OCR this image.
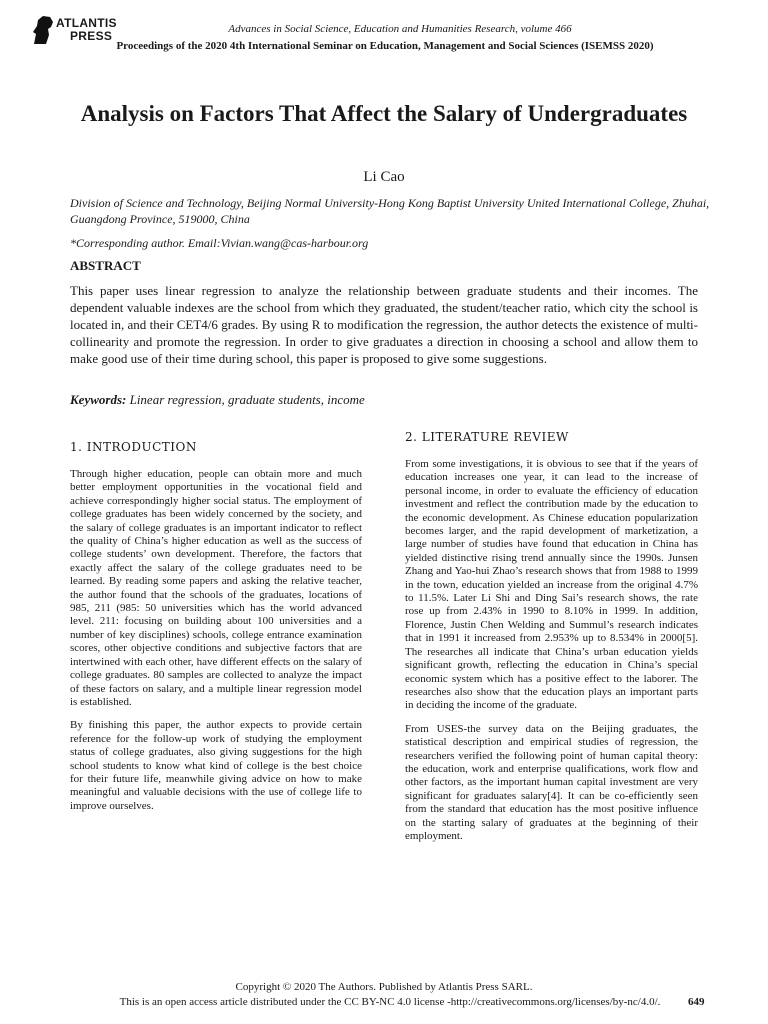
ATLANTIS
PRESS	Advances in Social Science, Education and Humanities Research, volume 466
Proceedings of the 2020 4th International Seminar on Education, Management and Social Sciences (ISEMSS 2020)
Analysis on Factors That Affect the Salary of Undergraduates
Li Cao
Division of Science and Technology, Beijing Normal University-Hong Kong Baptist University United International College, Zhuhai, Guangdong Province, 519000, China
*Corresponding author. Email:Vivian.wang@cas-harbour.org
ABSTRACT

This paper uses linear regression to analyze the relationship between graduate students and their incomes. The dependent valuable indexes are the school from which they graduated, the student/teacher ratio, which city the school is located in, and their CET4/6 grades. By using R to modification the regression, the author detects the existence of multi-collinearity and promote the regression. In order to give graduates a direction in choosing a school and allow them to make good use of their time during school, this paper is proposed to give some suggestions.

Keywords: Linear regression, graduate students, income
1. INTRODUCTION

Through higher education, people can obtain more and much better employment opportunities in the vocational field and achieve correspondingly higher social status. The employment of college graduates has been widely concerned by the society, and the salary of college graduates is an important indicator to reflect the quality of China’s higher education as well as the success of college students’ own development. Therefore, the factors that exactly affect the salary of the college graduates need to be learned. By reading some papers and asking the relative teacher, the author found that the schools of the graduates, locations of 985, 211 (985: 50 universities which has the world advanced level. 211: focusing on building about 100 universities and a number of key disciplines) schools, college entrance examination scores, other objective conditions and subjective factors that are intertwined with each other, have different effects on the salary of college graduates. 80 samples are collected to analyze the impact of these factors on salary, and a multiple linear regression model is established.

By finishing this paper, the author expects to provide certain reference for the follow-up work of studying the employment status of college graduates, also giving suggestions for the high school students to know what kind of college is the best choice for their future life, meanwhile giving advice on how to make meaningful and valuable decisions with the use of college life to improve ourselves.

2. LITERATURE REVIEW

From some investigations, it is obvious to see that if the years of education increases one year, it can lead to the increase of personal income, in order to evaluate the efficiency of education investment and reflect the contribution made by the education to the economic development. As Chinese education popularization becomes larger, and the rapid development of marketization, a large number of studies have found that education in China has yielded distinctive rising trend annually since the 1990s. Junsen Zhang and Yao-hui Zhao’s research shows that from 1988 to 1999 in the town, education yielded an increase from the original 4.7% to 11.5%. Later Li Shi and Ding Sai’s research shows, the rate rose up from 2.43% in 1990 to 8.10% in 1999. In addition, Florence, Justin Chen Welding and Summul’s research indicates that in 1991 it increased from 2.953% up to 8.534% in 2000[5]. The researches all indicate that China’s urban education yields significant growth, reflecting the education in China’s special economic system which has a positive effect to the laborer. The researches also show that the education plays an important parts in deciding the income of the graduate.

From USES-the survey data on the Beijing graduates, the statistical description and empirical studies of regression, the researchers verified the following point of human capital theory: the education, work and enterprise qualifications, work flow and other factors, as the important human capital investment are very significant for graduates salary[4]. It can be co-efficiently seen from the standard that education has the most positive influence on the starting salary of graduates at the beginning of their employment.

Copyright © 2020 The Authors. Published by Atlantis Press SARL.
This is an open access article distributed under the CC BY-NC 4.0 license -http://creativecommons.org/licenses/by-nc/4.0/.	649
